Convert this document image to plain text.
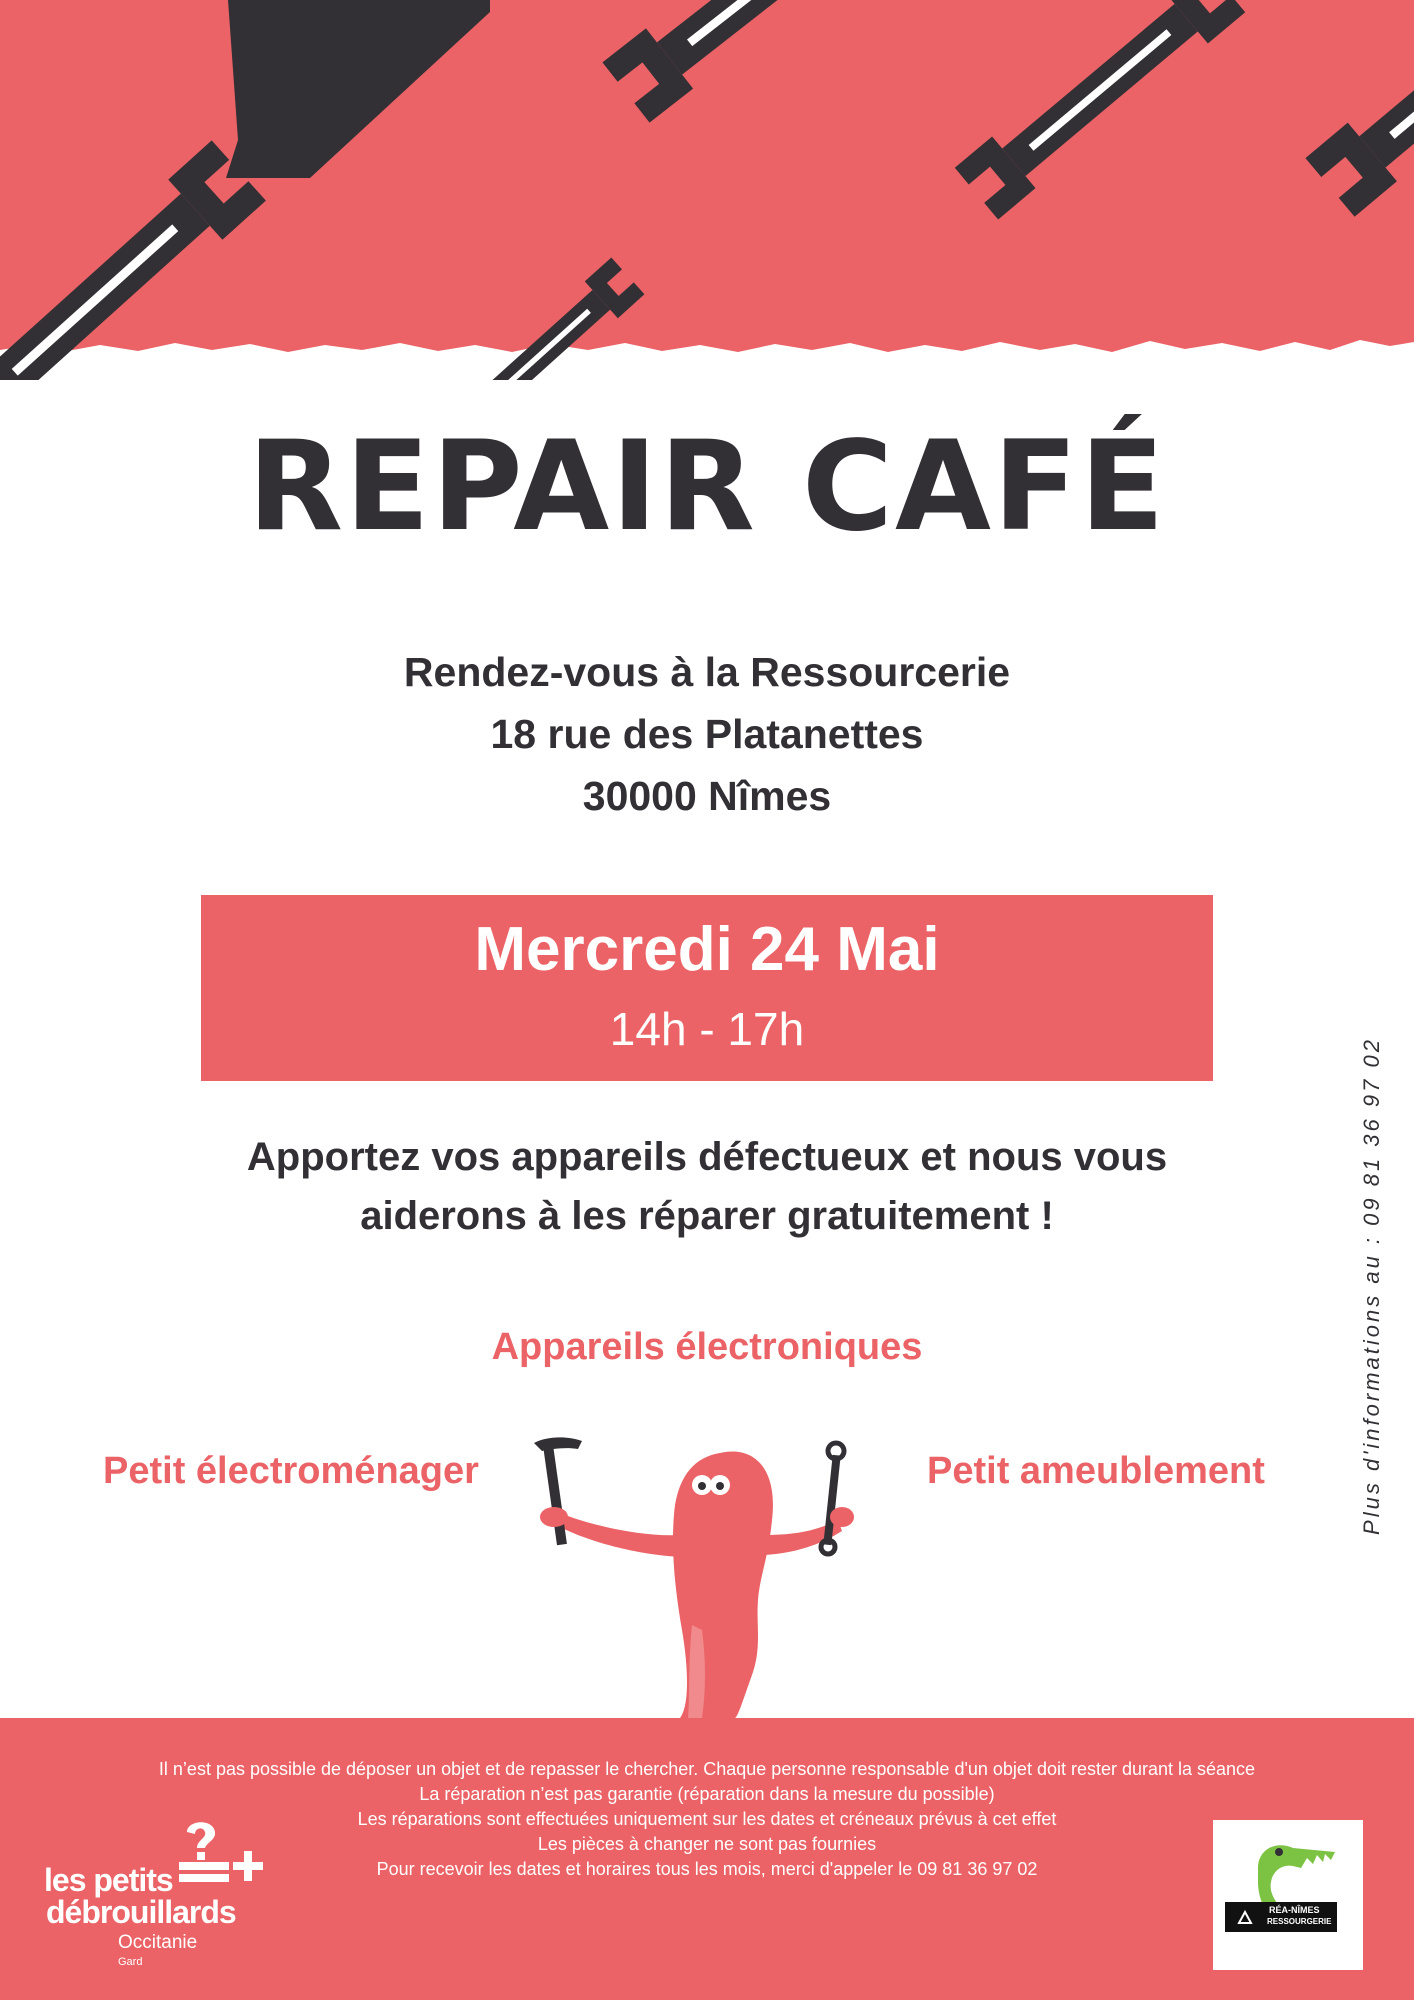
REPAIR CAFÉ
Rendez-vous à la Ressourcerie
18 rue des Platanettes
30000 Nîmes
Mercredi 24 Mai
14h - 17h
Apportez vos appareils défectueux et nous vous
aiderons à les réparer gratuitement !
Appareils électroniques
Petit électroménager	Petit ameublement	Plus d'informations au : 09 81 36 97 02
Il n’est pas possible de déposer un objet et de repasser le chercher. Chaque personne responsable d'un objet doit rester durant la séance
La réparation n’est pas garantie (réparation dans la mesure du possible)
Les réparations sont effectuées uniquement sur les dates et créneaux prévus à cet effet
Les pièces à changer ne sont pas fournies
Pour recevoir les dates et horaires tous les mois, merci d'appeler le 09 81 36 97 02
les petits
débrouillards
Occitanie
Gard
RÉA-NÎMES
RESSOURGERIE
